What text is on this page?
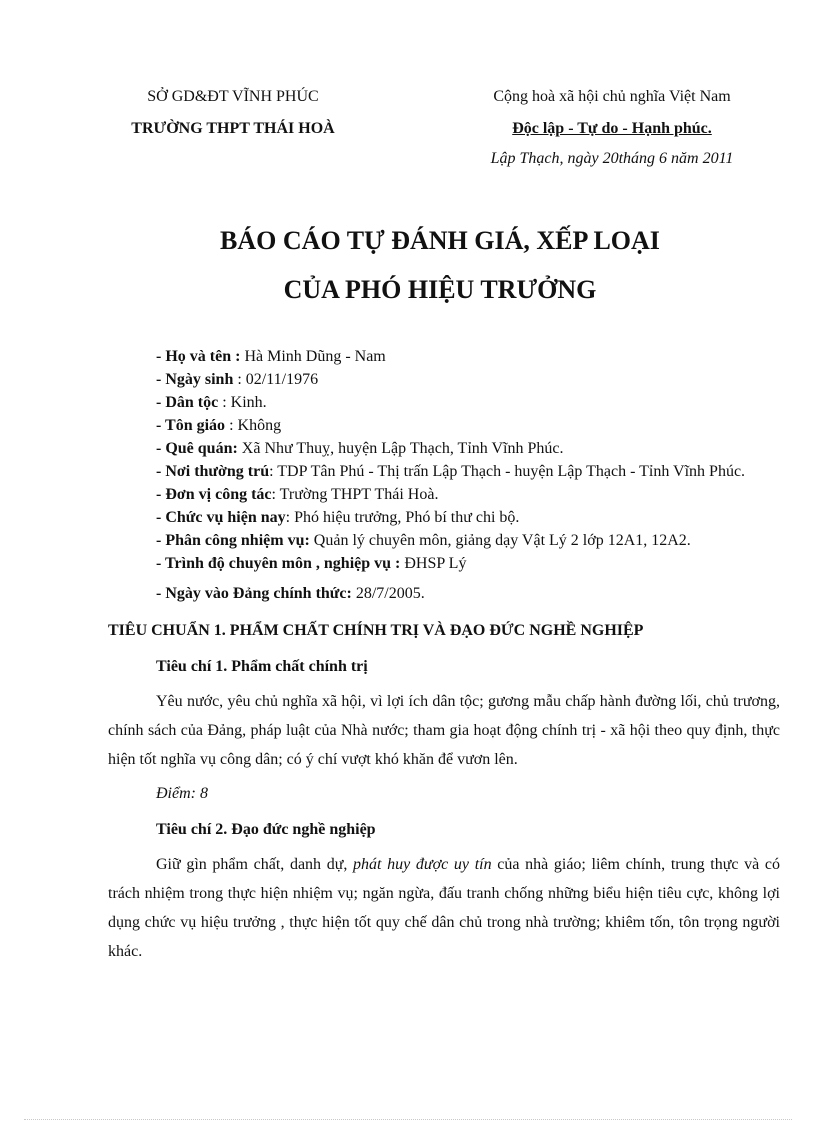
SỞ GD&ĐT VĨNH PHÚC
TRƯỜNG THPT THÁI HOÀ
Cộng hoà xã hội chủ nghĩa Việt Nam
Độc lập - Tự do - Hạnh phúc.
Lập Thạch, ngày 20tháng 6 năm 2011
BÁO CÁO TỰ ĐÁNH GIÁ, XẾP LOẠI
CỦA PHÓ HIỆU TRƯỞNG
- Họ và tên : Hà Minh Dũng - Nam
- Ngày sinh : 02/11/1976
- Dân tộc : Kinh.
- Tôn giáo : Không
- Quê quán: Xã Như Thuỵ, huyện Lập Thạch, Tỉnh Vĩnh Phúc.
- Nơi thường trú: TDP Tân Phú - Thị trấn Lập Thạch - huyện Lập Thạch - Tỉnh Vĩnh Phúc.
- Đơn vị công tác: Trường THPT Thái Hoà.
- Chức vụ hiện nay: Phó hiệu trưởng, Phó bí thư chi bộ.
- Phân công nhiệm vụ: Quản lý chuyên môn, giảng dạy Vật Lý 2 lớp 12A1, 12A2.
- Trình độ chuyên môn , nghiệp vụ : ĐHSP Lý
- Ngày vào Đảng chính thức: 28/7/2005.
TIÊU CHUẨN 1. PHẨM CHẤT CHÍNH TRỊ VÀ ĐẠO ĐỨC NGHỀ NGHIỆP
Tiêu chí 1. Phẩm chất chính trị
Yêu nước, yêu chủ nghĩa xã hội, vì lợi ích dân tộc; gương mẫu chấp hành đường lối, chủ trương, chính sách của Đảng, pháp luật của Nhà nước; tham gia hoạt động chính trị - xã hội theo quy định, thực hiện tốt nghĩa vụ công dân; có ý chí vượt khó khăn để vươn lên.
Điểm: 8
Tiêu chí 2. Đạo đức nghề nghiệp
Giữ gìn phẩm chất, danh dự, phát huy được uy tín của nhà giáo; liêm chính, trung thực và có trách nhiệm trong thực hiện nhiệm vụ; ngăn ngừa, đấu tranh chống những biểu hiện tiêu cực, không lợi dụng chức vụ hiệu trưởng , thực hiện tốt quy chế dân chủ trong nhà trường; khiêm tốn, tôn trọng người khác.
